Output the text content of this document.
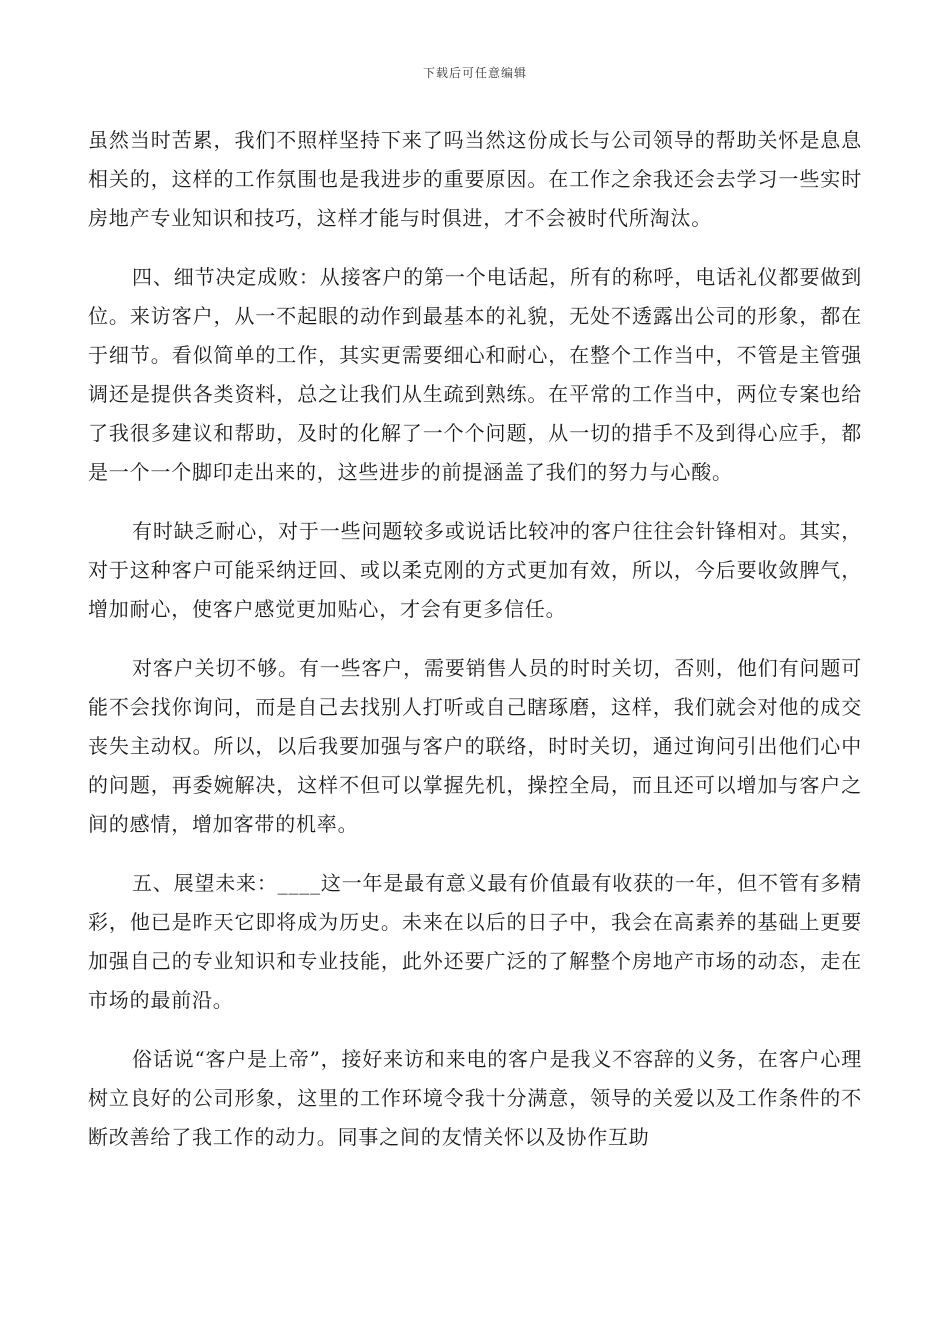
下载后可任意编辑

虽然当时苦累，我们不照样坚持下来了吗当然这份成长与公司领导的帮助关怀是息息相关的，这样的工作氛围也是我进步的重要原因。在工作之余我还会去学习一些实时房地产专业知识和技巧，这样才能与时俱进，才不会被时代所淘汰。

四、细节决定成败：从接客户的第一个电话起，所有的称呼，电话礼仪都要做到位。来访客户，从一不起眼的动作到最基本的礼貌，无处不透露出公司的形象，都在于细节。看似简单的工作，其实更需要细心和耐心，在整个工作当中，不管是主管强调还是提供各类资料，总之让我们从生疏到熟练。在平常的工作当中，两位专案也给了我很多建议和帮助，及时的化解了一个个问题，从一切的措手不及到得心应手，都是一个一个脚印走出来的，这些进步的前提涵盖了我们的努力与心酸。

有时缺乏耐心，对于一些问题较多或说话比较冲的客户往往会针锋相对。其实，对于这种客户可能采纳迂回、或以柔克刚的方式更加有效，所以，今后要收敛脾气，增加耐心，使客户感觉更加贴心，才会有更多信任。

对客户关切不够。有一些客户，需要销售人员的时时关切，否则，他们有问题可能不会找你询问，而是自己去找别人打听或自己瞎琢磨，这样，我们就会对他的成交丧失主动权。所以，以后我要加强与客户的联络，时时关切，通过询问引出他们心中的问题，再委婉解决，这样不但可以掌握先机，操控全局，而且还可以增加与客户之间的感情，增加客带的机率。

五、展望未来：____这一年是最有意义最有价值最有收获的一年，但不管有多精彩，他已是昨天它即将成为历史。未来在以后的日子中，我会在高素养的基础上更要加强自己的专业知识和专业技能，此外还要广泛的了解整个房地产市场的动态，走在市场的最前沿。

俗话说“客户是上帝”，接好来访和来电的客户是我义不容辞的义务，在客户心理树立良好的公司形象，这里的工作环境令我十分满意，领导的关爱以及工作条件的不断改善给了我工作的动力。同事之间的友情关怀以及协作互助
